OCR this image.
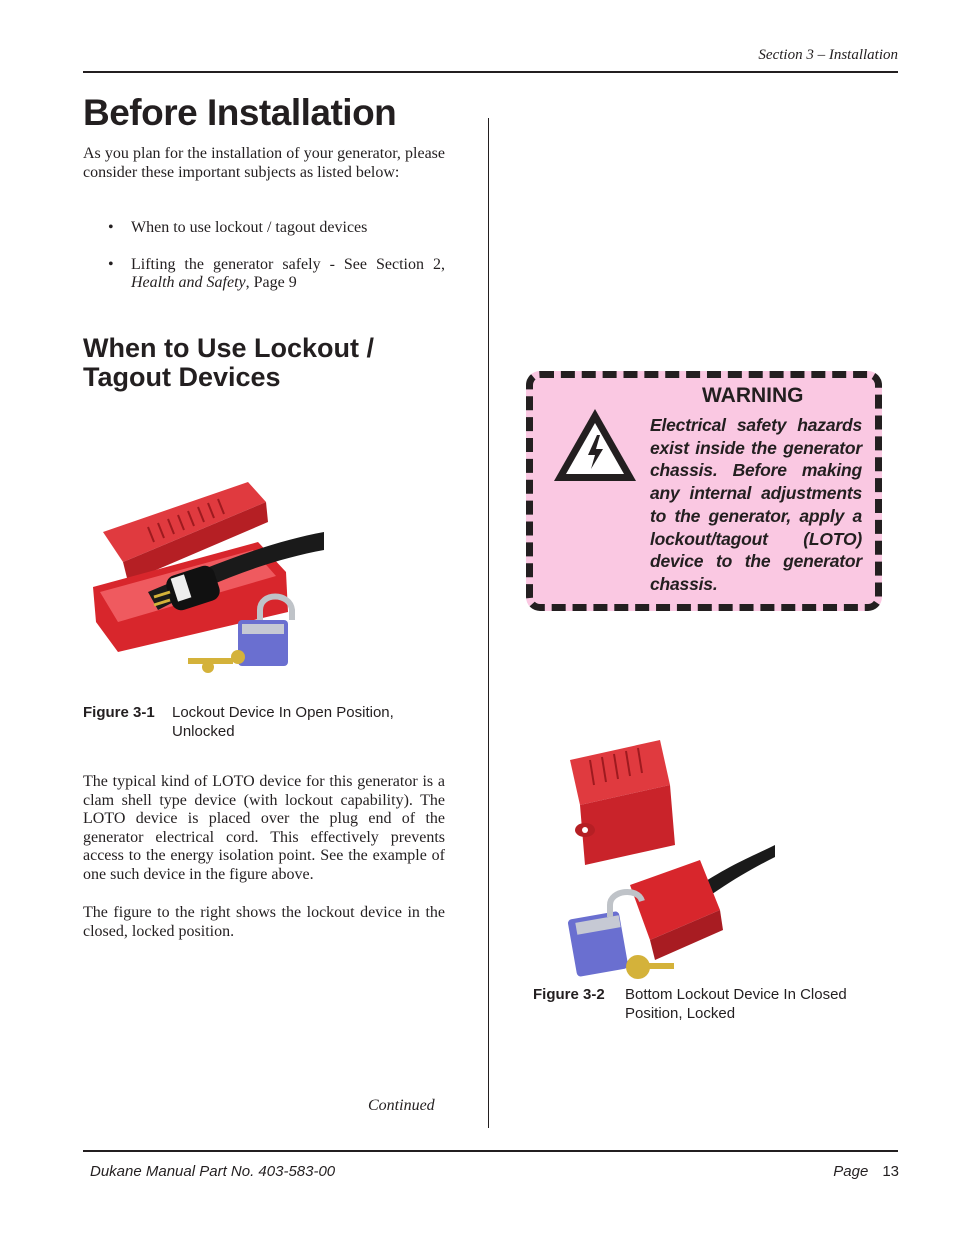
Section 3 – Installation
Before Installation
As you plan for the installation of your generator, please consider these important subjects as listed below:
•	When to use lockout / tagout devices
•	Lifting the generator safely - See Section 2, Health and Safety, Page 9
When to Use Lockout / Tagout Devices
Figure 3-1	Lockout Device In Open Position, Unlocked
The typical kind of LOTO device for this generator is a clam shell type device (with lockout capability). The LOTO device is placed over the plug end of the generator electrical cord. This effectively prevents access to the energy isolation point. See the example of one such device in the figure above.
The figure to the right shows the lockout device in the closed, locked position.
Continued
WARNING
Electrical safety hazards exist inside the generator chassis. Before making any internal adjustments to the generator, apply a lockout/tagout (LOTO) device to the generator chassis.
Figure 3-2	Bottom Lockout Device In Closed Position, Locked
Dukane Manual Part No. 403-583-00	Page 13
